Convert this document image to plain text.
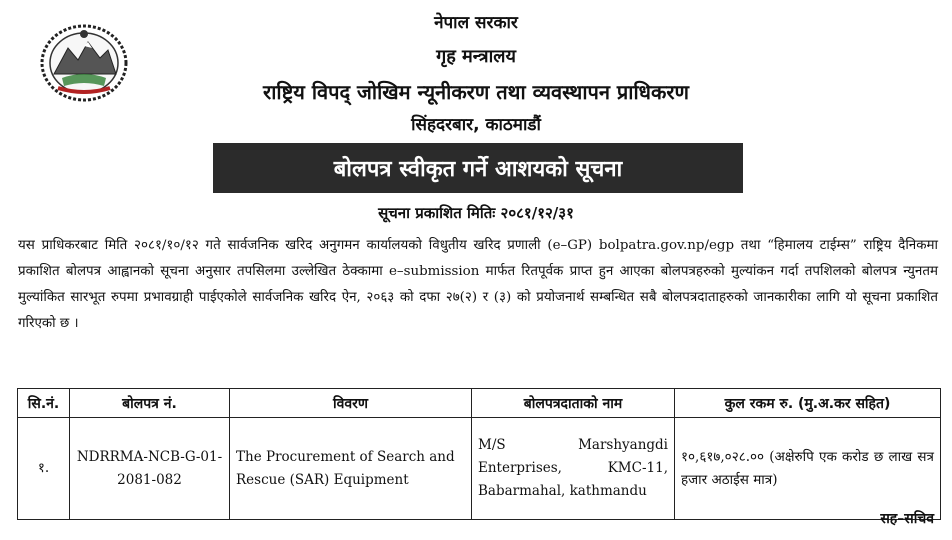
नेपाल सरकार
गृह मन्त्रालय
राष्ट्रिय विपद् जोखिम न्यूनीकरण तथा व्यवस्थापन प्राधिकरण
सिंहदरबार, काठमाडौं
बोलपत्र स्वीकृत गर्ने आशयको सूचना
सूचना प्रकाशित मितिः २०८१/१२/३१
यस प्राधिकरबाट मिति २०८१/१०/१२ गते सार्वजनिक खरिद अनुगमन कार्यालयको विधुतीय खरिद प्रणाली (e–GP) bolpatra.gov.np/egp तथा “हिमालय टाईम्स” राष्ट्रिय दैनिकमा प्रकाशित बोलपत्र आह्वानको सूचना अनुसार तपसिलमा उल्लेखित ठेक्कामा e–submission मार्फत रितपूर्वक प्राप्त हुन आएका बोलपत्रहरुको मुल्यांकन गर्दा तपशिलको बोलपत्र न्युनतम मुल्यांकित सारभूत रुपमा प्रभावग्राही पाईएकोले सार्वजनिक खरिद ऐन, २०६३ को दफा २७(२) र (३) को प्रयोजनार्थ सम्बन्धित सबै बोलपत्रदाताहरुको जानकारीका लागि यो सूचना प्रकाशित गरिएको छ ।
सि.नं.	बोलपत्र नं.	विवरण	बोलपत्रदाताको नाम	कुल रकम रु. (मु.अ.कर सहित)
१.	NDRRMA-NCB-G-01-2081-082	The Procurement of Search and Rescue (SAR) Equipment	M/S Marshyangdi Enterprises, KMC-11, Babarmahal, kathmandu	१०,६१७,०२८.०० (अक्षेरुपि एक करोड छ लाख सत्र हजार अठाईस मात्र)
सह–सचिव
